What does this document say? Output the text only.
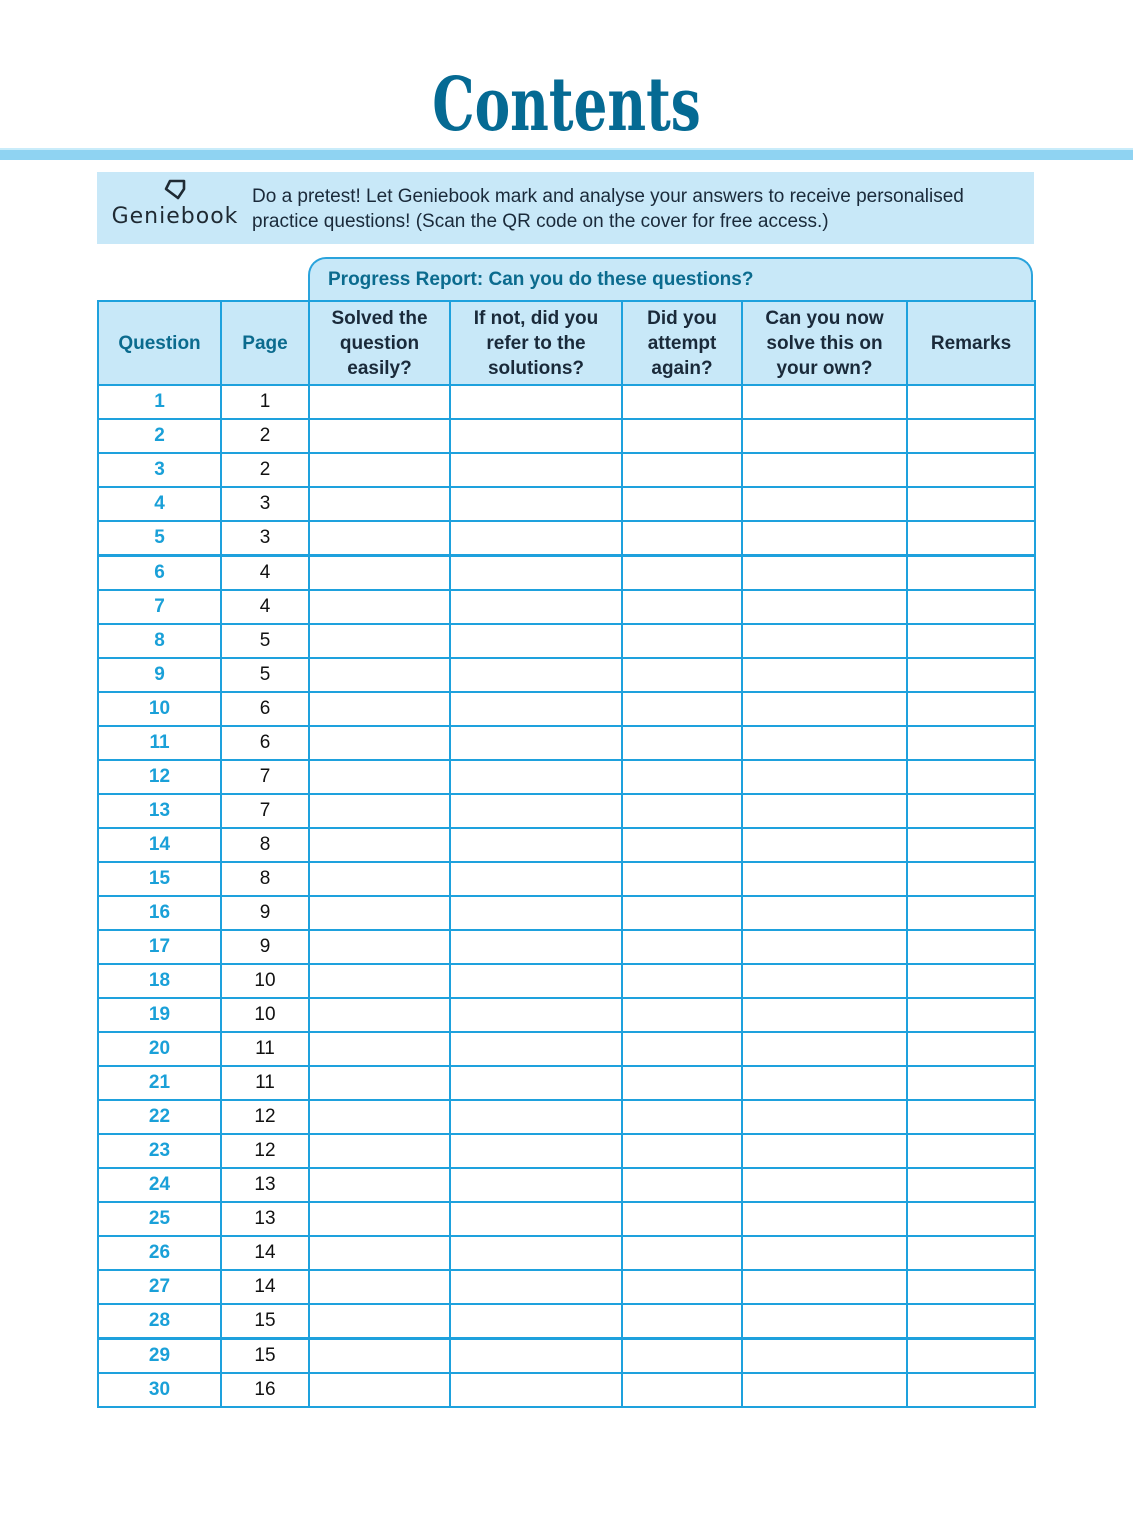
Contents
Geniebook
Do a pretest! Let Geniebook mark and analyse your answers to receive personalised
practice questions! (Scan the QR code on the cover for free access.)
Progress Report: Can you do these questions?
Question	Page	Solved the question easily?	If not, did you refer to the solutions?	Did you attempt again?	Can you now solve this on your own?	Remarks
1	1					
2	2					
3	2					
4	3					
5	3					
6	4					
7	4					
8	5					
9	5					
10	6					
11	6					
12	7					
13	7					
14	8					
15	8					
16	9					
17	9					
18	10					
19	10					
20	11					
21	11					
22	12					
23	12					
24	13					
25	13					
26	14					
27	14					
28	15					
29	15					
30	16					
